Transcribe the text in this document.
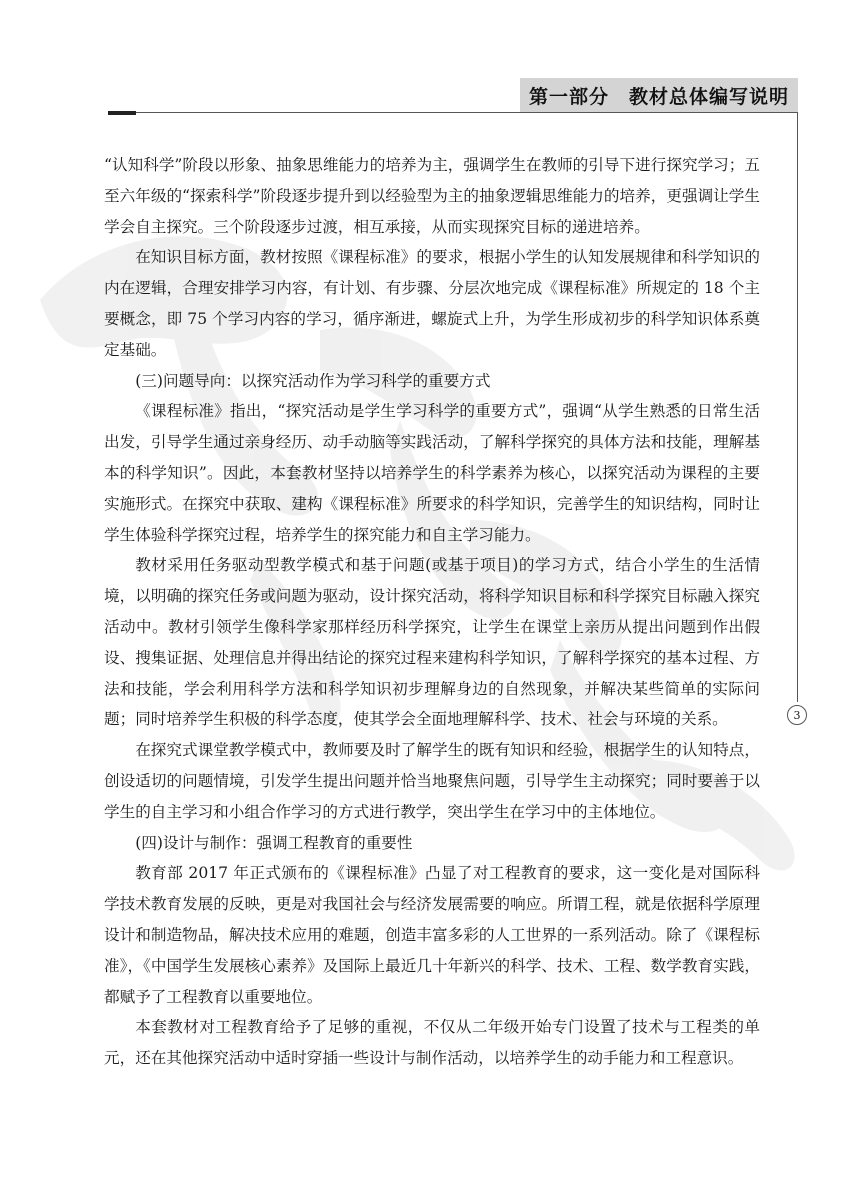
第一部分　教材总体编写说明
3

“认知科学”阶段以形象、抽象思维能力的培养为主，强调学生在教师的引导下进行探究学习；五至六年级的“探索科学”阶段逐步提升到以经验型为主的抽象逻辑思维能力的培养，更强调让学生学会自主探究。三个阶段逐步过渡，相互承接，从而实现探究目标的递进培养。

在知识目标方面，教材按照《课程标准》的要求，根据小学生的认知发展规律和科学知识的内在逻辑，合理安排学习内容，有计划、有步骤、分层次地完成《课程标准》所规定的 18 个主要概念，即 75 个学习内容的学习，循序渐进，螺旋式上升，为学生形成初步的科学知识体系奠定基础。

(三)问题导向：以探究活动作为学习科学的重要方式

《课程标准》指出，“探究活动是学生学习科学的重要方式”，强调“从学生熟悉的日常生活出发，引导学生通过亲身经历、动手动脑等实践活动，了解科学探究的具体方法和技能，理解基本的科学知识”。因此，本套教材坚持以培养学生的科学素养为核心，以探究活动为课程的主要实施形式。在探究中获取、建构《课程标准》所要求的科学知识，完善学生的知识结构，同时让学生体验科学探究过程，培养学生的探究能力和自主学习能力。

教材采用任务驱动型教学模式和基于问题(或基于项目)的学习方式，结合小学生的生活情境，以明确的探究任务或问题为驱动，设计探究活动，将科学知识目标和科学探究目标融入探究活动中。教材引领学生像科学家那样经历科学探究，让学生在课堂上亲历从提出问题到作出假设、搜集证据、处理信息并得出结论的探究过程来建构科学知识，了解科学探究的基本过程、方法和技能，学会利用科学方法和科学知识初步理解身边的自然现象，并解决某些简单的实际问题；同时培养学生积极的科学态度，使其学会全面地理解科学、技术、社会与环境的关系。

在探究式课堂教学模式中，教师要及时了解学生的既有知识和经验，根据学生的认知特点，创设适切的问题情境，引发学生提出问题并恰当地聚焦问题，引导学生主动探究；同时要善于以学生的自主学习和小组合作学习的方式进行教学，突出学生在学习中的主体地位。

(四)设计与制作：强调工程教育的重要性

教育部 2017 年正式颁布的《课程标准》凸显了对工程教育的要求，这一变化是对国际科学技术教育发展的反映，更是对我国社会与经济发展需要的响应。所谓工程，就是依据科学原理设计和制造物品，解决技术应用的难题，创造丰富多彩的人工世界的一系列活动。除了《课程标准》，《中国学生发展核心素养》及国际上最近几十年新兴的科学、技术、工程、数学教育实践，都赋予了工程教育以重要地位。

本套教材对工程教育给予了足够的重视，不仅从二年级开始专门设置了技术与工程类的单元，还在其他探究活动中适时穿插一些设计与制作活动，以培养学生的动手能力和工程意识。
